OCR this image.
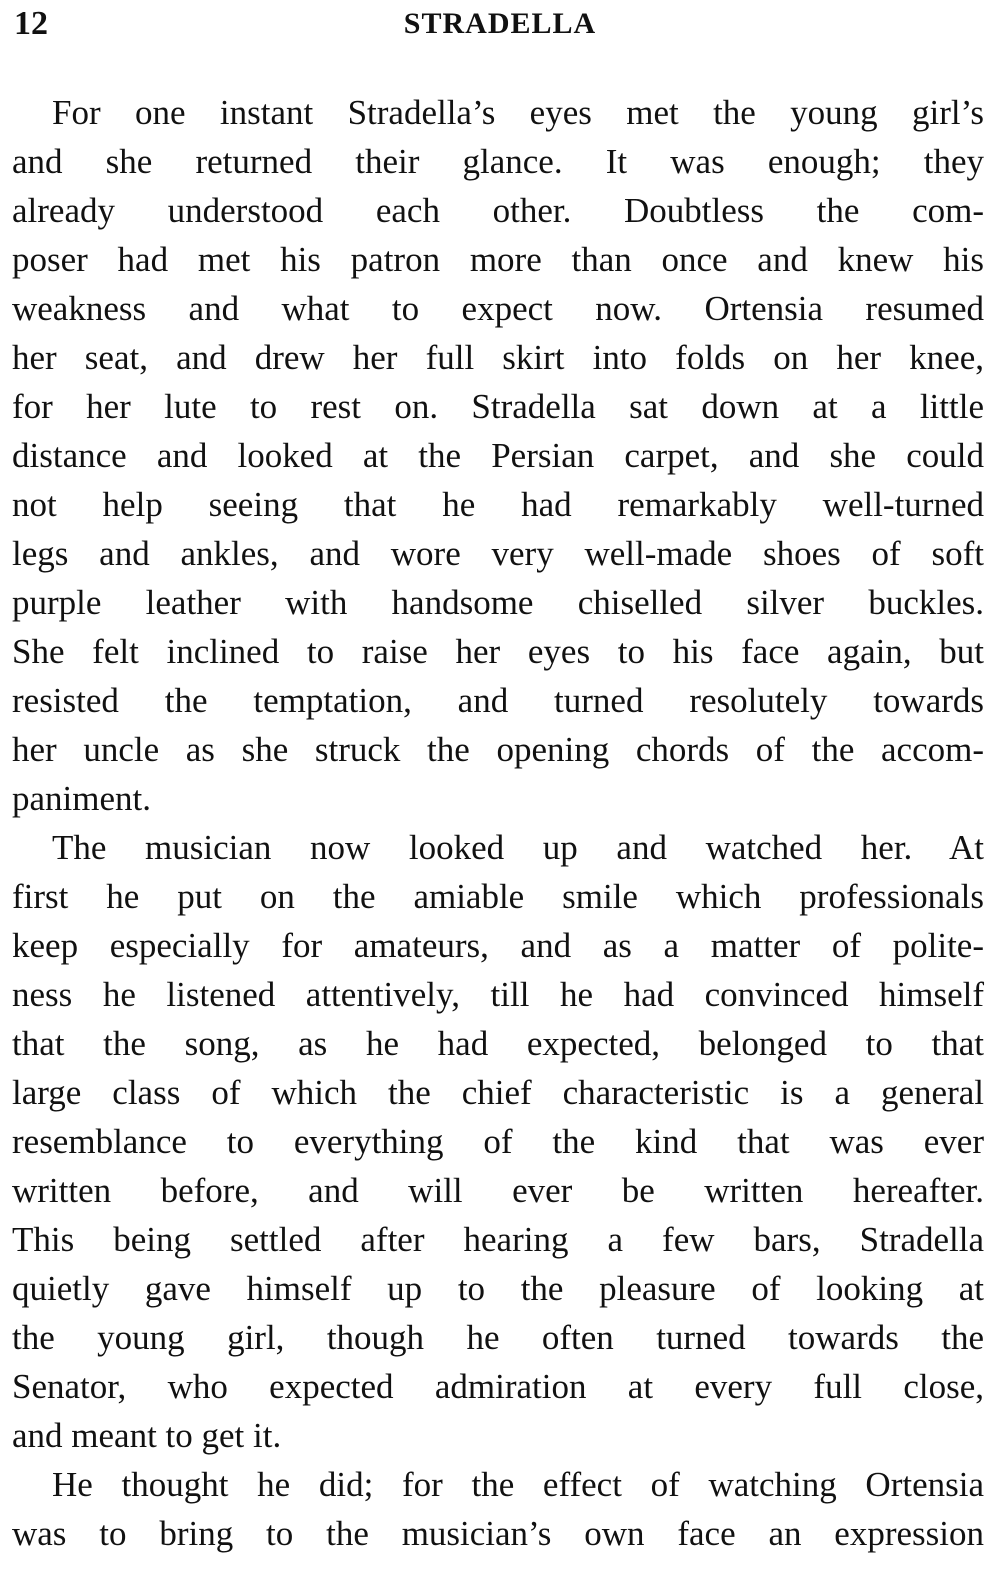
12	STRADELLA
For one instant Stradella’s eyes met the young girl’s
and she returned their glance. It was enough; they
already understood each other. Doubtless the com-
poser had met his patron more than once and knew his
weakness and what to expect now. Ortensia resumed
her seat, and drew her full skirt into folds on her knee,
for her lute to rest on. Stradella sat down at a little
distance and looked at the Persian carpet, and she could
not help seeing that he had remarkably well-turned
legs and ankles, and wore very well-made shoes of soft
purple leather with handsome chiselled silver buckles.
She felt inclined to raise her eyes to his face again, but
resisted the temptation, and turned resolutely towards
her uncle as she struck the opening chords of the accom-
paniment.
The musician now looked up and watched her. At
first he put on the amiable smile which professionals
keep especially for amateurs, and as a matter of polite-
ness he listened attentively, till he had convinced himself
that the song, as he had expected, belonged to that
large class of which the chief characteristic is a general
resemblance to everything of the kind that was ever
written before, and will ever be written hereafter.
This being settled after hearing a few bars, Stradella
quietly gave himself up to the pleasure of looking at
the young girl, though he often turned towards the
Senator, who expected admiration at every full close,
and meant to get it.
He thought he did; for the effect of watching Ortensia
was to bring to the musician’s own face an expression
